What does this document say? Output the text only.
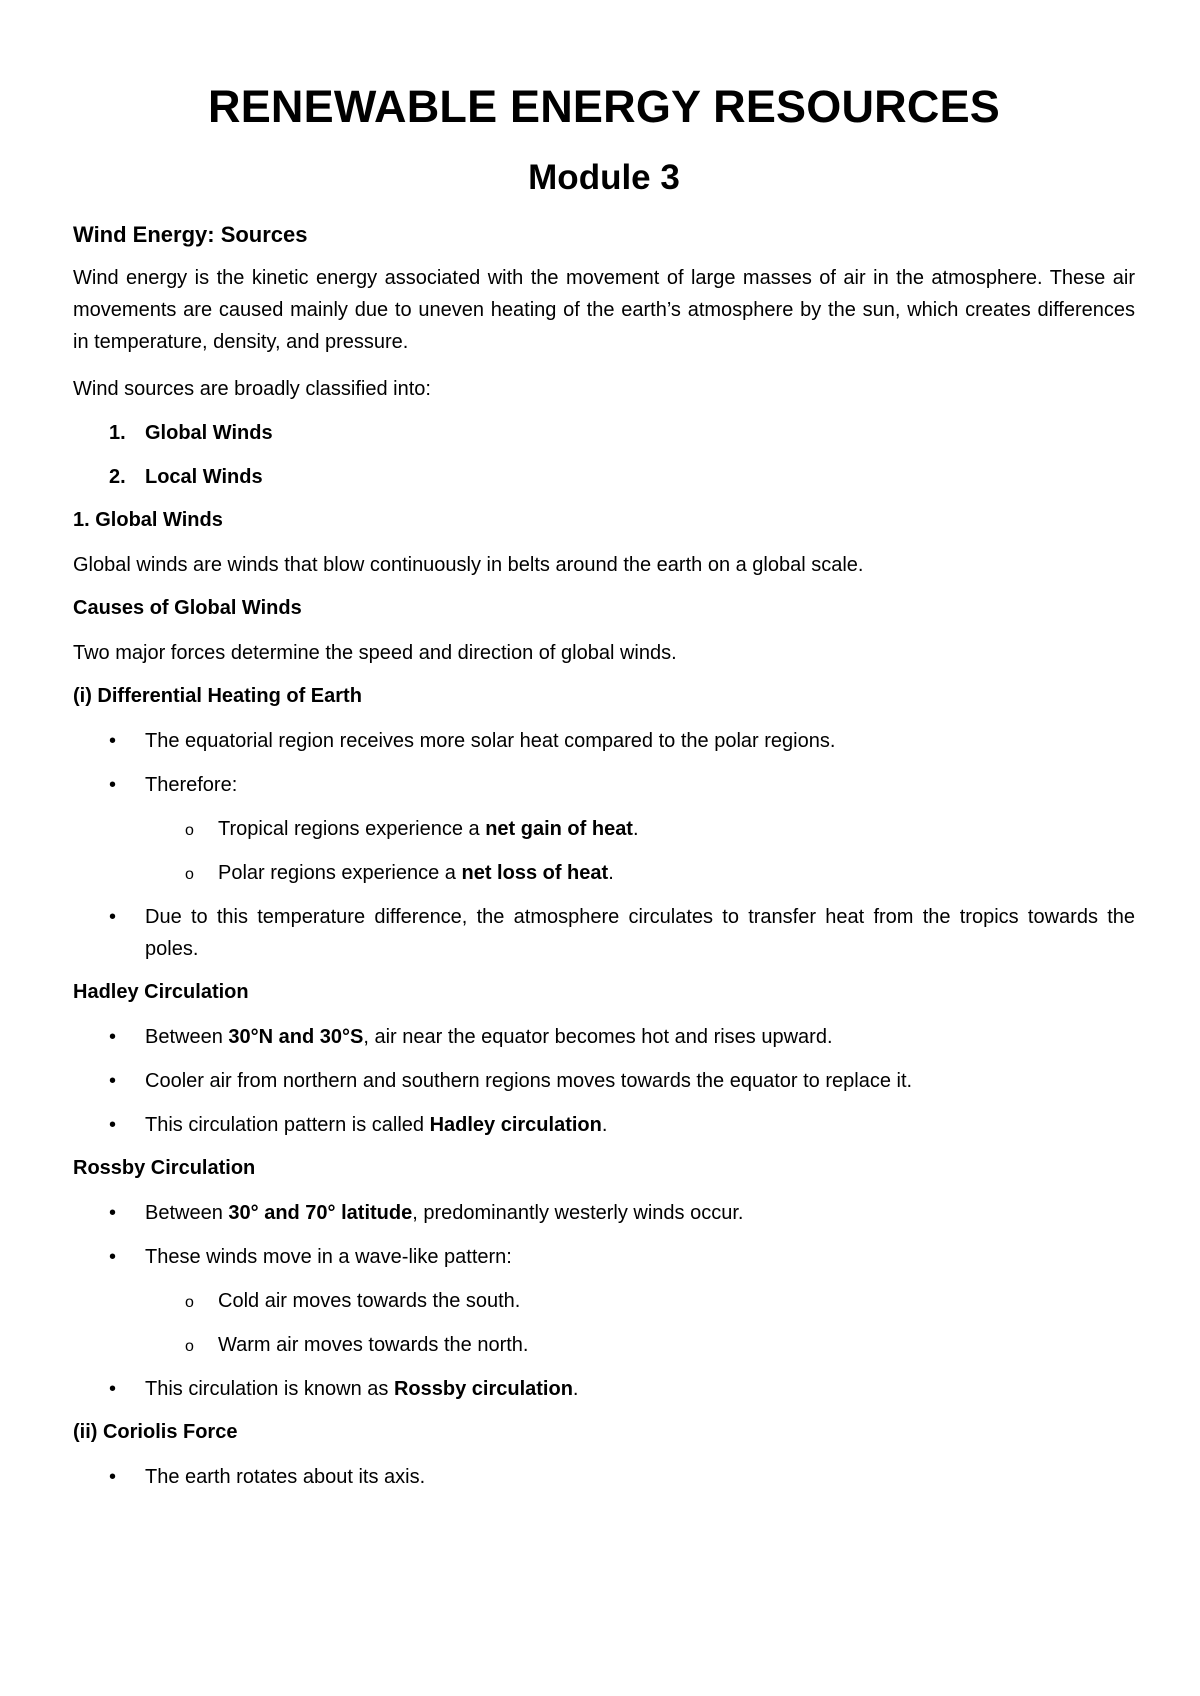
RENEWABLE ENERGY RESOURCES
Module 3

Wind Energy: Sources

Wind energy is the kinetic energy associated with the movement of large masses of air in the atmosphere. These air movements are caused mainly due to uneven heating of the earth’s atmosphere by the sun, which creates differences in temperature, density, and pressure.

Wind sources are broadly classified into:

1. Global Winds

2. Local Winds

1. Global Winds

Global winds are winds that blow continuously in belts around the earth on a global scale.

Causes of Global Winds

Two major forces determine the speed and direction of global winds.

(i) Differential Heating of Earth

• The equatorial region receives more solar heat compared to the polar regions.

• Therefore:

o Tropical regions experience a net gain of heat.

o Polar regions experience a net loss of heat.

• Due to this temperature difference, the atmosphere circulates to transfer heat from the tropics towards the poles.

Hadley Circulation

• Between 30°N and 30°S, air near the equator becomes hot and rises upward.

• Cooler air from northern and southern regions moves towards the equator to replace it.

• This circulation pattern is called Hadley circulation.

Rossby Circulation

• Between 30° and 70° latitude, predominantly westerly winds occur.

• These winds move in a wave-like pattern:

o Cold air moves towards the south.

o Warm air moves towards the north.

• This circulation is known as Rossby circulation.

(ii) Coriolis Force

• The earth rotates about its axis.
